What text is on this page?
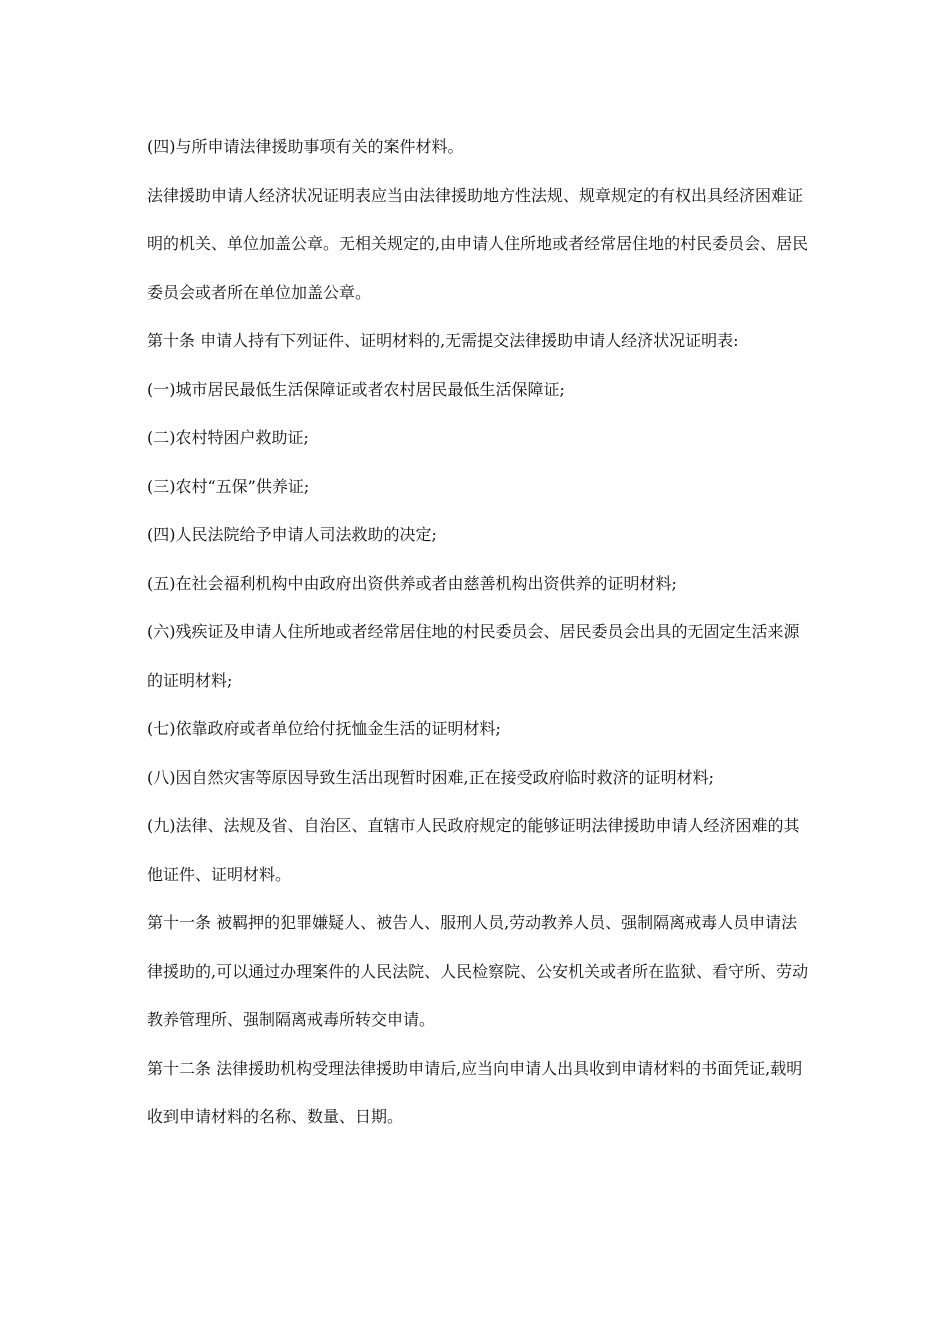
(四)与所申请法律援助事项有关的案件材料。

法律援助申请人经济状况证明表应当由法律援助地方性法规、规章规定的有权出具经济困难证明的机关、单位加盖公章。无相关规定的,由申请人住所地或者经常居住地的村民委员会、居民委员会或者所在单位加盖公章。

第十条 申请人持有下列证件、证明材料的,无需提交法律援助申请人经济状况证明表:

(一)城市居民最低生活保障证或者农村居民最低生活保障证;

(二)农村特困户救助证;

(三)农村“五保”供养证;

(四)人民法院给予申请人司法救助的决定;

(五)在社会福利机构中由政府出资供养或者由慈善机构出资供养的证明材料;

(六)残疾证及申请人住所地或者经常居住地的村民委员会、居民委员会出具的无固定生活来源的证明材料;

(七)依靠政府或者单位给付抚恤金生活的证明材料;

(八)因自然灾害等原因导致生活出现暂时困难,正在接受政府临时救济的证明材料;

(九)法律、法规及省、自治区、直辖市人民政府规定的能够证明法律援助申请人经济困难的其他证件、证明材料。

第十一条 被羁押的犯罪嫌疑人、被告人、服刑人员,劳动教养人员、强制隔离戒毒人员申请法律援助的,可以通过办理案件的人民法院、人民检察院、公安机关或者所在监狱、看守所、劳动教养管理所、强制隔离戒毒所转交申请。

第十二条 法律援助机构受理法律援助申请后,应当向申请人出具收到申请材料的书面凭证,载明收到申请材料的名称、数量、日期。
